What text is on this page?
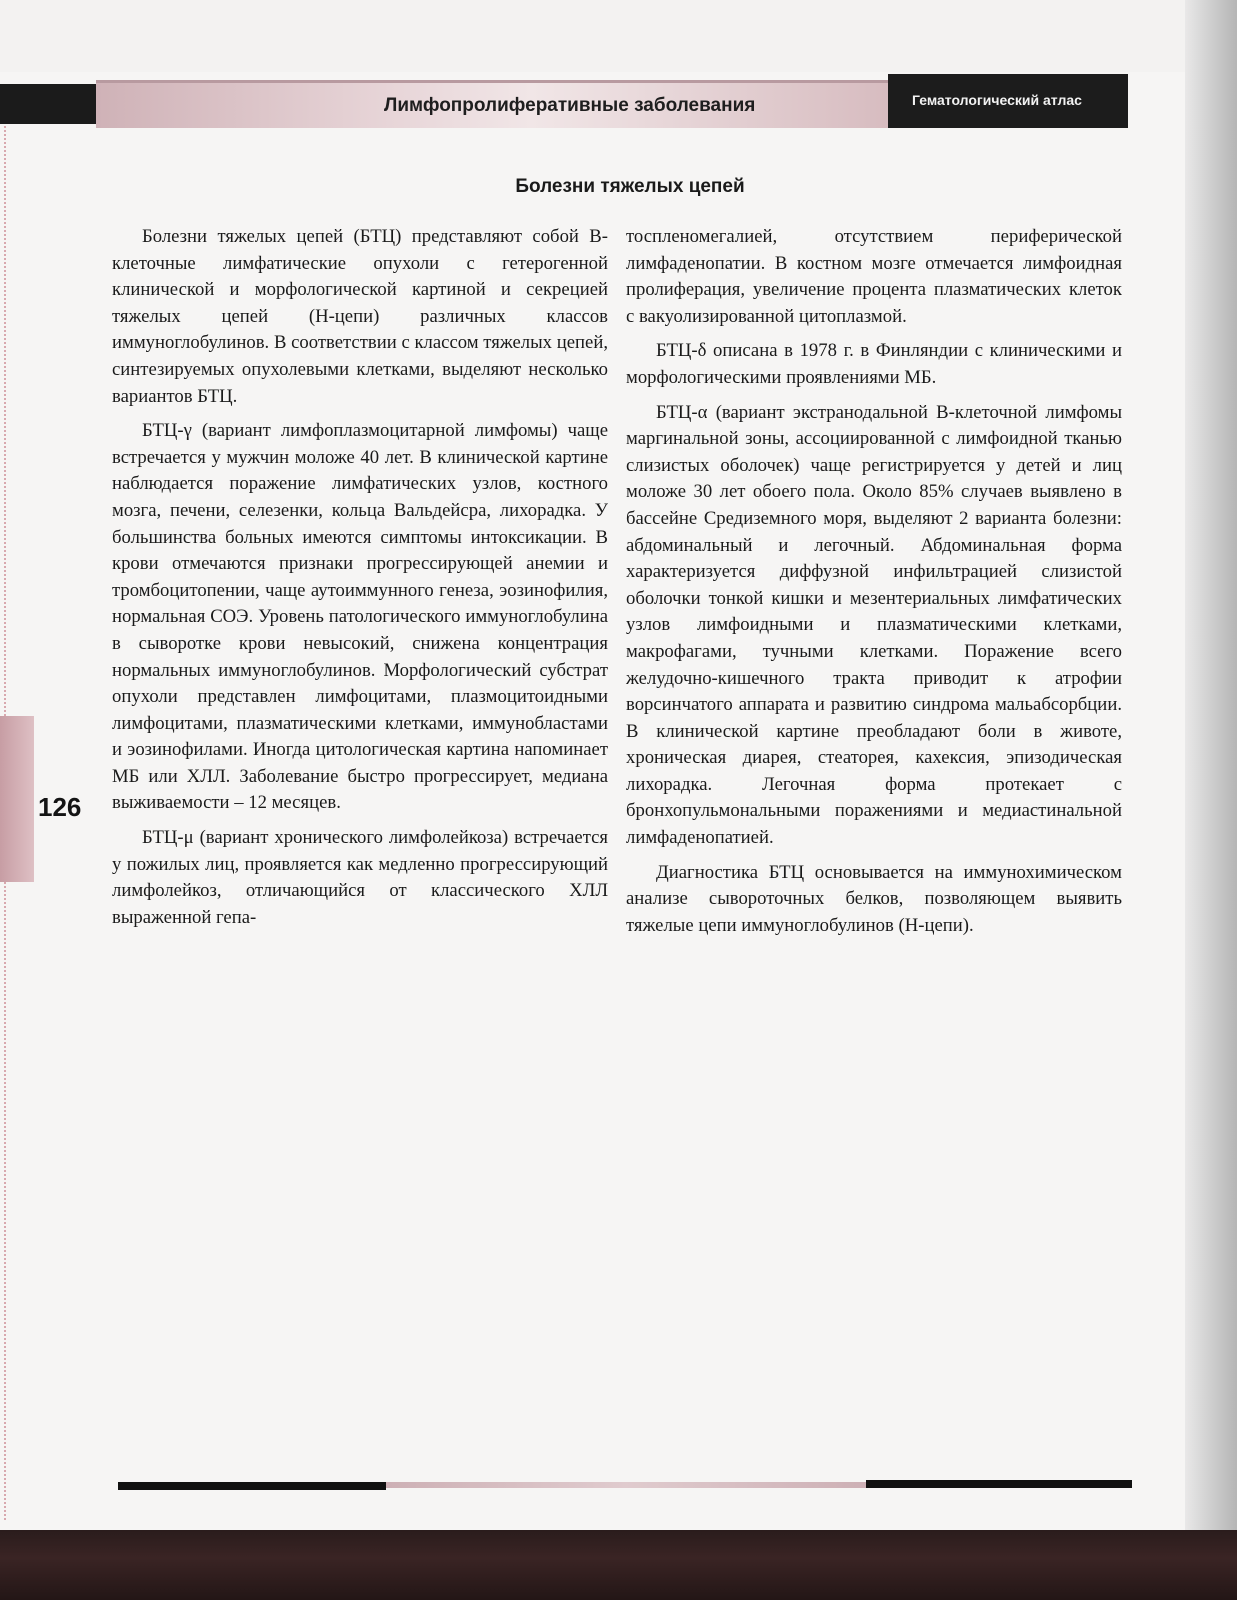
Лимфопролиферативные заболевания	Гематологический атлас
Болезни тяжелых цепей
126

Болезни тяжелых цепей (БТЦ) представляют собой В-клеточные лимфатические опухоли с гетерогенной клинической и морфологической картиной и секрецией тяжелых цепей (Н-цепи) различных классов иммуноглобулинов. В соответствии с классом тяжелых цепей, синтезируемых опухолевыми клетками, выделяют несколько вариантов БТЦ.

БТЦ-γ (вариант лимфоплазмоцитарной лимфомы) чаще встречается у мужчин моложе 40 лет. В клинической картине наблюдается поражение лимфатических узлов, костного мозга, печени, селезенки, кольца Вальдейсра, лихорадка. У большинства больных имеются симптомы интоксикации. В крови отмечаются признаки прогрессирующей анемии и тромбоцитопении, чаще аутоиммунного генеза, эозинофилия, нормальная СОЭ. Уровень патологического иммуноглобулина в сыворотке крови невысокий, снижена концентрация нормальных иммуноглобулинов. Морфологический субстрат опухоли представлен лимфоцитами, плазмоцитоидными лимфоцитами, плазматическими клетками, иммунобластами и эозинофилами. Иногда цитологическая картина напоминает МБ или ХЛЛ. Заболевание быстро прогрессирует, медиана выживаемости – 12 месяцев.

БТЦ-μ (вариант хронического лимфолейкоза) встречается у пожилых лиц, проявляется как медленно прогрессирующий лимфолейкоз, отличающийся от классического ХЛЛ выраженной гепа-

тоспленомегалией, отсутствием периферической лимфаденопатии. В костном мозге отмечается лимфоидная пролиферация, увеличение процента плазматических клеток с вакуолизированной цитоплазмой.

БТЦ-δ описана в 1978 г. в Финляндии с клиническими и морфологическими проявлениями МБ.

БТЦ-α (вариант экстранодальной В-клеточной лимфомы маргинальной зоны, ассоциированной с лимфоидной тканью слизистых оболочек) чаще регистрируется у детей и лиц моложе 30 лет обоего пола. Около 85% случаев выявлено в бассейне Средиземного моря, выделяют 2 варианта болезни: абдоминальный и легочный. Абдоминальная форма характеризуется диффузной инфильтрацией слизистой оболочки тонкой кишки и мезентериальных лимфатических узлов лимфоидными и плазматическими клетками, макрофагами, тучными клетками. Поражение всего желудочно-кишечного тракта приводит к атрофии ворсинчатого аппарата и развитию синдрома мальабсорбции. В клинической картине преобладают боли в животе, хроническая диарея, стеаторея, кахексия, эпизодическая лихорадка. Легочная форма протекает с бронхопульмональными поражениями и медиастинальной лимфаденопатией.

Диагностика БТЦ основывается на иммунохимическом анализе сывороточных белков, позволяющем выявить тяжелые цепи иммуноглобулинов (Н-цепи).
